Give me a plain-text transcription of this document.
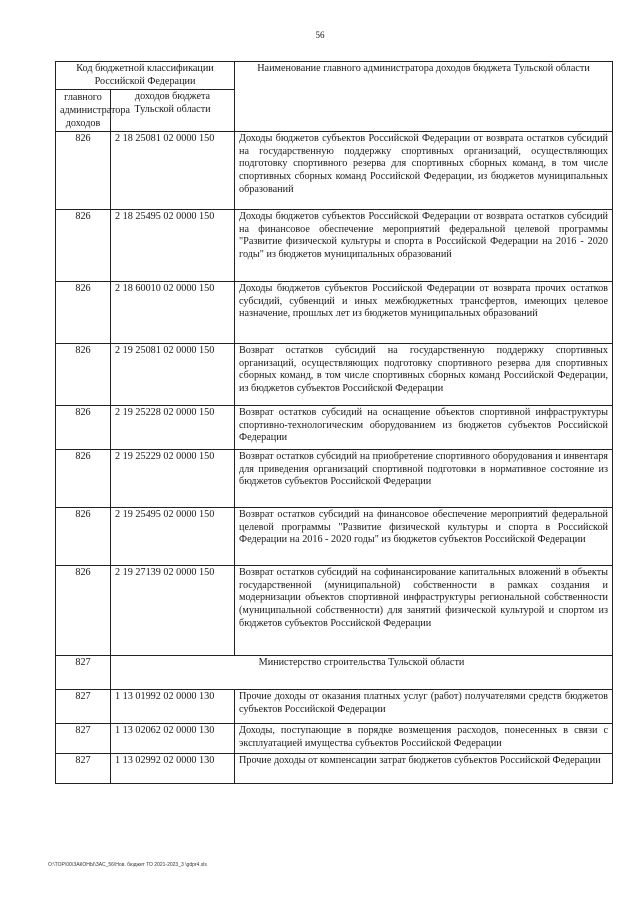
56
Код бюджетной классификации Российской Федерации		Наименование главного администратора доходов бюджета Тульской области
главного администратора доходов	доходов бюджета Тульской области	
826	2 18 25081 02 0000 150	Доходы бюджетов субъектов Российской Федерации от возврата остатков субсидий на государственную поддержку спортивных организаций, осуществляющих подготовку спортивного резерва для спортивных сборных команд, в том числе спортивных сборных команд Российской Федерации, из бюджетов муниципальных образований
826	2 18 25495 02 0000 150	Доходы бюджетов субъектов Российской Федерации от возврата остатков субсидий на финансовое обеспечение мероприятий федеральной целевой программы "Развитие физической культуры и спорта в Российской Федерации на 2016 - 2020 годы" из бюджетов муниципальных образований
826	2 18 60010 02 0000 150	Доходы бюджетов субъектов Российской Федерации от возврата прочих остатков субсидий, субвенций и иных межбюджетных трансфертов, имеющих целевое назначение, прошлых лет из бюджетов муниципальных образований
826	2 19 25081 02 0000 150	Возврат остатков субсидий на государственную поддержку спортивных организаций, осуществляющих подготовку спортивного резерва для спортивных сборных команд, в том числе спортивных сборных команд Российской Федерации, из бюджетов субъектов Российской Федерации
826	2 19 25228 02 0000 150	Возврат остатков субсидий на оснащение объектов спортивной инфраструктуры спортивно-технологическим оборудованием из бюджетов субъектов Российской Федерации
826	2 19 25229 02 0000 150	Возврат остатков субсидий на приобретение спортивного оборудования и инвентаря для приведения организаций спортивной подготовки в нормативное состояние из бюджетов субъектов Российской Федерации
826	2 19 25495 02 0000 150	Возврат остатков субсидий на финансовое обеспечение мероприятий федеральной целевой программы "Развитие физической культуры и спорта в Российской Федерации на 2016 - 2020 годы" из бюджетов субъектов Российской Федерации
826	2 19 27139 02 0000 150	Возврат остатков субсидий на софинансирование капитальных вложений в объекты государственной (муниципальной) собственности в рамках создания и модернизации объектов спортивной инфраструктуры региональной собственности (муниципальной собственности) для занятий физической культурой и спортом из бюджетов субъектов Российской Федерации
827	Министерство строительства Тульской области	
827	1 13 01992 02 0000 130	Прочие доходы от оказания платных услуг (работ) получателями средств бюджетов субъектов Российской Федерации
827	1 13 02062 02 0000 130	Доходы, поступающие в порядке возмещения расходов, понесенных в связи с эксплуатацией имущества субъектов Российской Федерации
827	1 13 02992 02 0000 130	Прочие доходы от компенсации затрат бюджетов субъектов Российской Федерации
O:\TOP\00\ЗАКОНЫ\ЗАС_56\Нов. бюджет ТО 2021-2023_3 \gdpr4.xls
